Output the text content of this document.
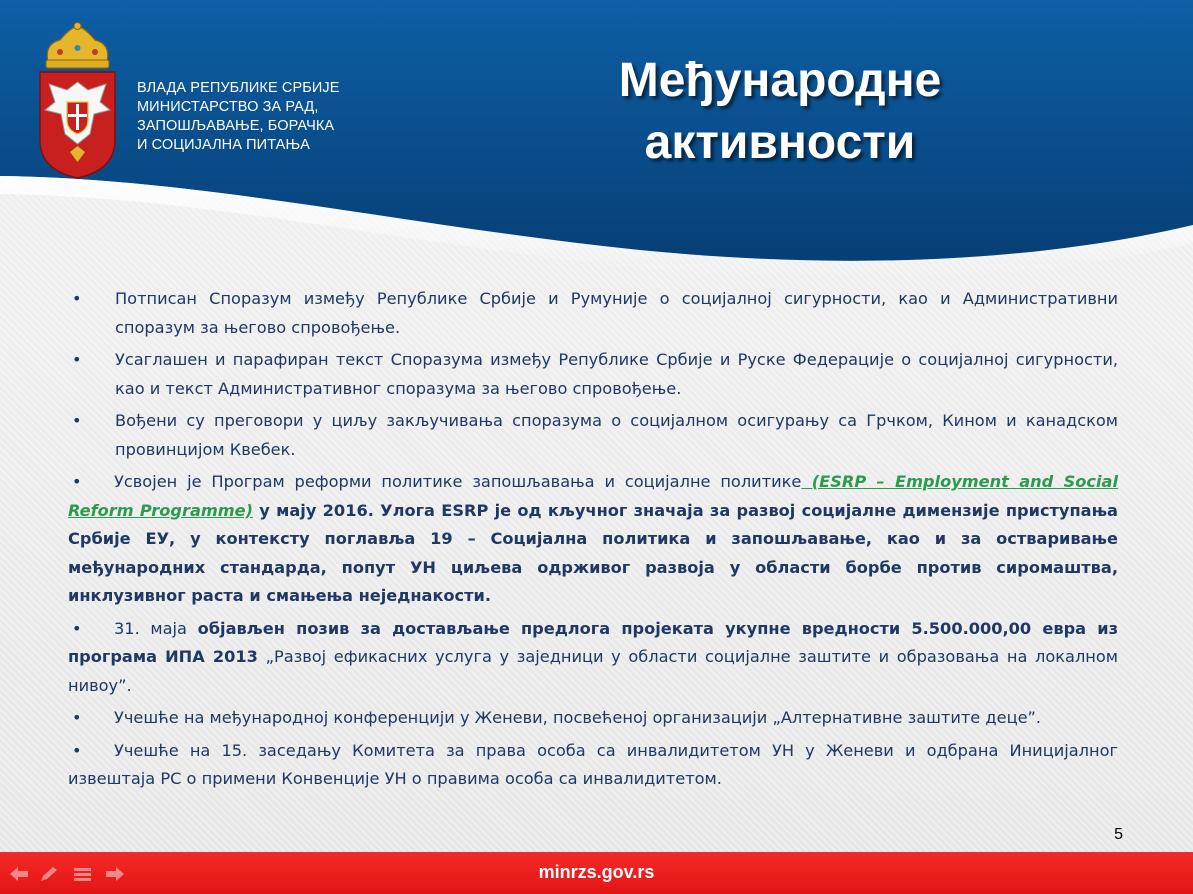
ВЛАДА РЕПУБЛИКЕ СРБИЈЕ
МИНИСТАРСТВО ЗА РАД,
ЗАПОШЉАВАЊЕ, БОРАЧКА
И СОЦИЈАЛНА ПИТАЊА
Међународне
активности
• Потписан Споразум између Републике Србије и Румуније о социјалној сигурности, као и Административни споразум за његово спровођење.
• Усаглашен и парафиран текст Споразума између Републике Србије и Руске Федерације о социјалној сигурности, као и текст Административног споразума за његово спровођење.
• Вођени су преговори у циљу закључивања споразума о социјалном осигурању са Грчком, Кином и канадском провинцијом Квебек.
• Усвојен је Програм реформи политике запошљавања и социјалне политике (ESRP – Employment and Social Reform Programme) у мају 2016. Улога ESRP је од кључног значаја за развој социјалне димензије приступања Србије ЕУ, у контексту поглавља 19 – Социјална политика и запошљавање, као и за остваривање међународних стандарда, попут УН циљева одрживог развоја у области борбе против сиромаштва, инклузивног раста и смањења неједнакости.
• 31. маја објављен позив за достављање предлога пројеката укупне вредности 5.500.000,00 евра из програма ИПА 2013 „Развој ефикасних услуга у заједници у области социјалне заштите и образовања на локалном нивоу”.
• Учешће на међународној конференцији у Женеви, посвећеној организацији „Алтернативне заштите деце”.
• Учешће на 15. заседању Комитета за права особа са инвалидитетом УН у Женеви и одбрана Иницијалног извештаја РС о примени Конвенције УН о правима особа са инвалидитетом.
5
minrzs.gov.rs
